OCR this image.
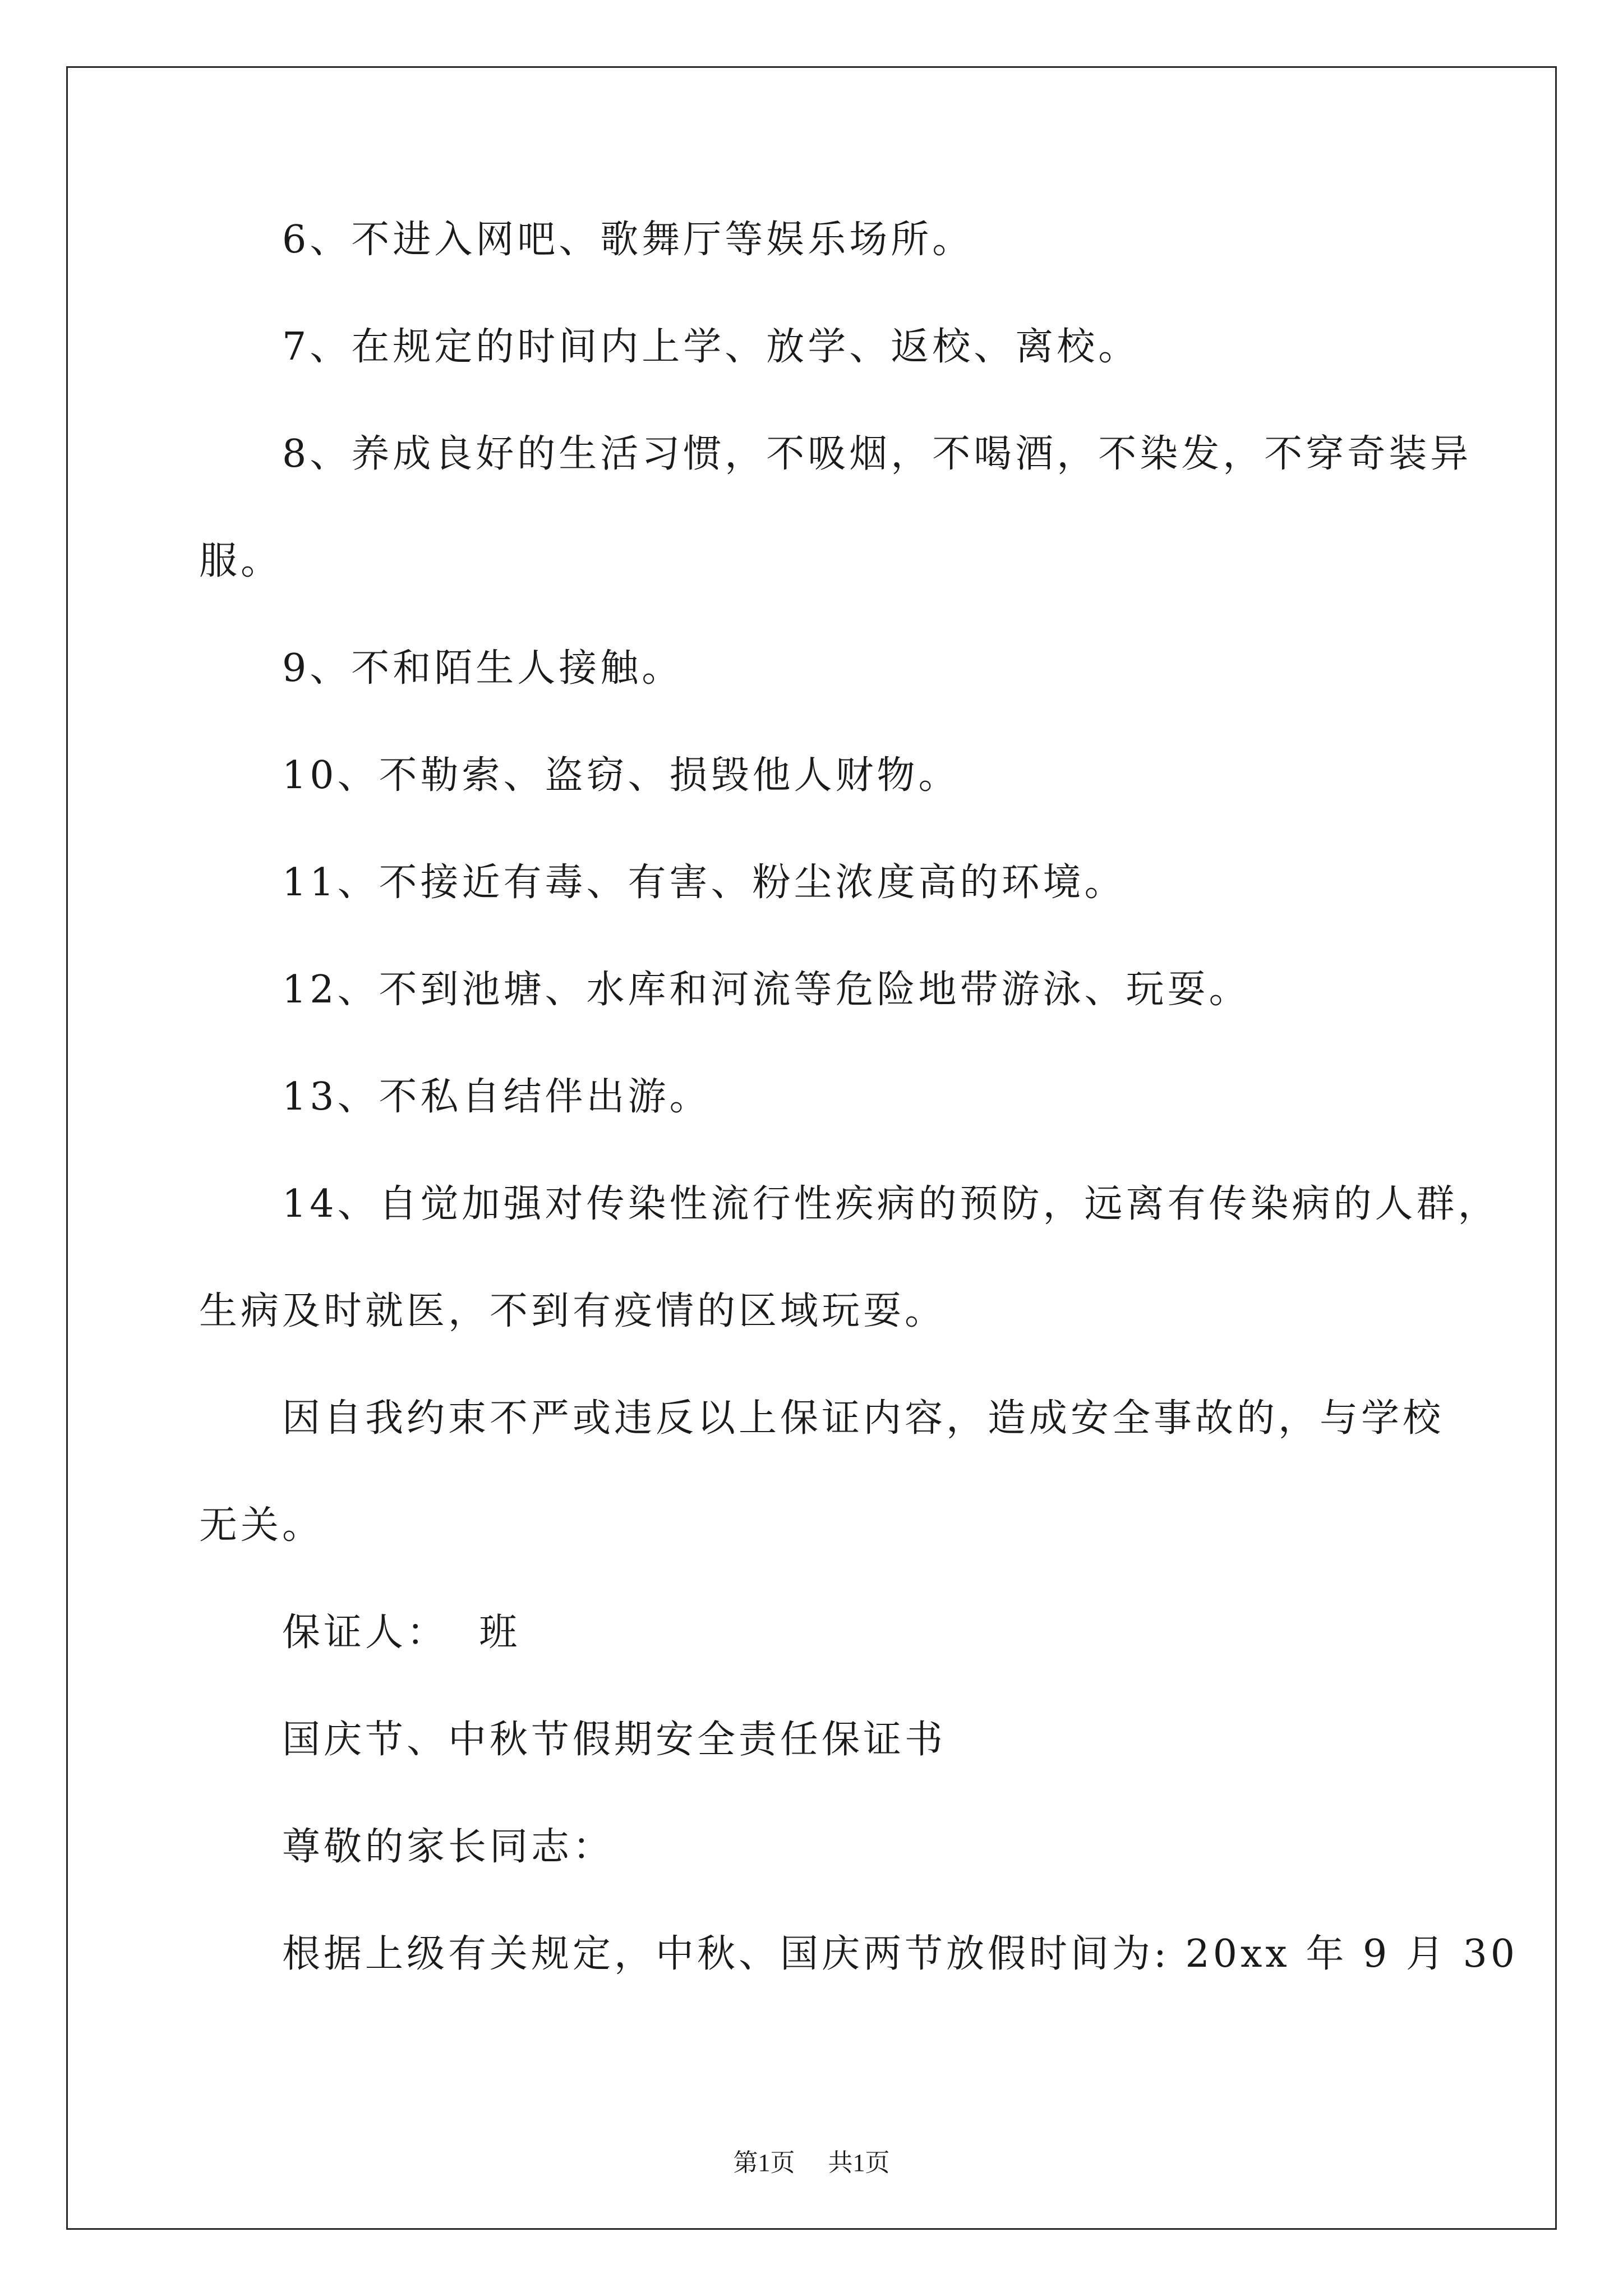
6、不进入网吧、歌舞厅等娱乐场所。
7、在规定的时间内上学、放学、返校、离校。
8、养成良好的生活习惯，不吸烟，不喝酒，不染发，不穿奇装异
服。
9、不和陌生人接触。
10、不勒索、盗窃、损毁他人财物。
11、不接近有毒、有害、粉尘浓度高的环境。
12、不到池塘、水库和河流等危险地带游泳、玩耍。
13、不私自结伴出游。
14、自觉加强对传染性流行性疾病的预防，远离有传染病的人群，
生病及时就医，不到有疫情的区域玩耍。
因自我约束不严或违反以上保证内容，造成安全事故的，与学校
无关。
保证人：  班
国庆节、中秋节假期安全责任保证书
尊敬的家长同志：
根据上级有关规定，中秋、国庆两节放假时间为: 20xx 年 9 月 30
第1页 共1页
